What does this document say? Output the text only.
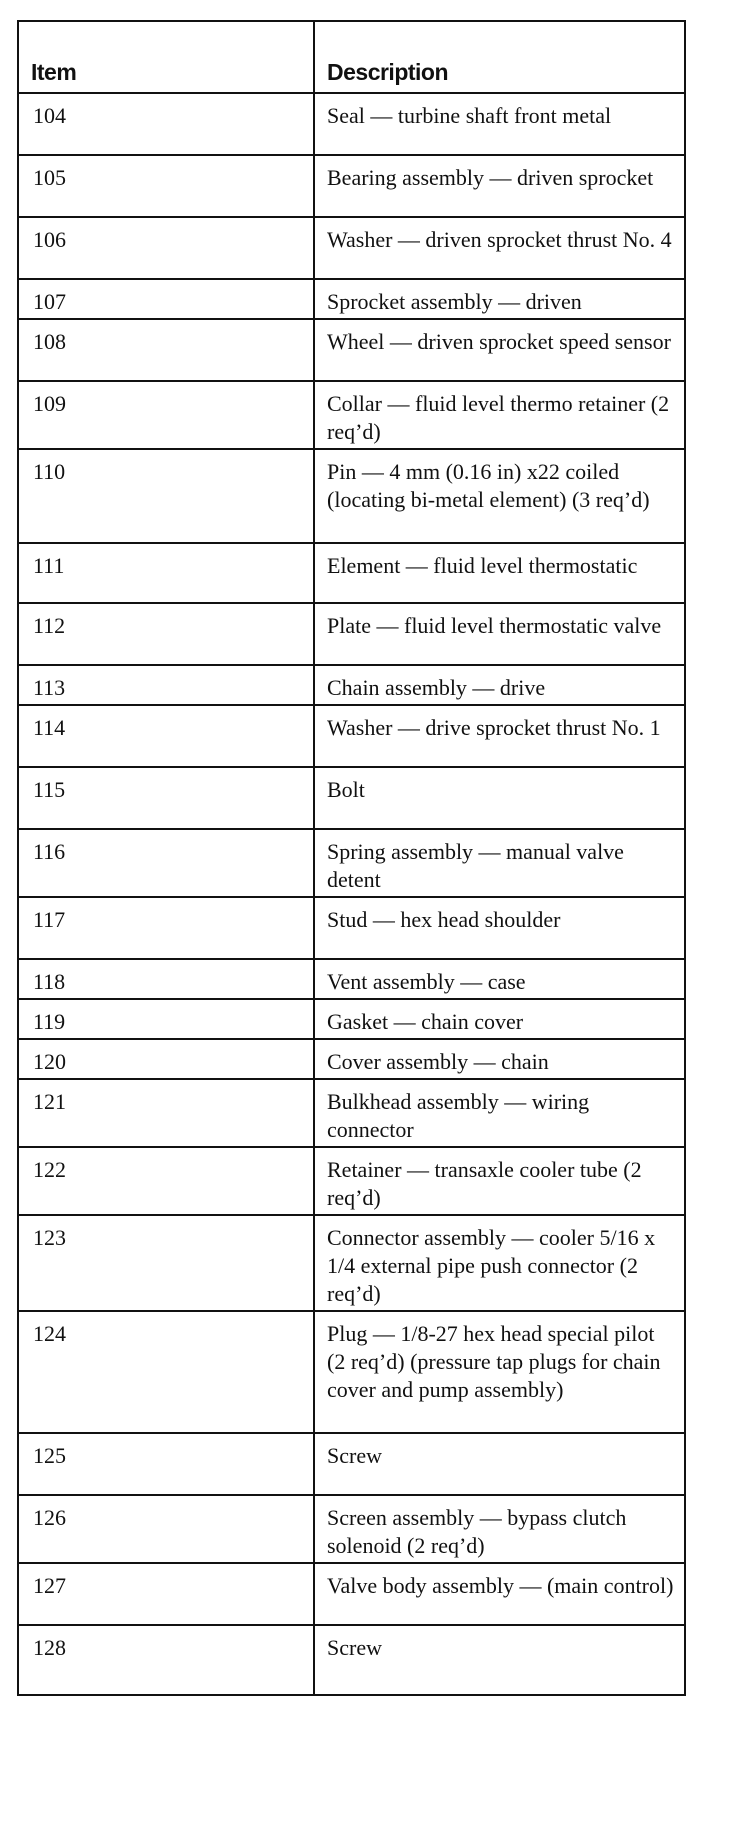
Item	Description
104	Seal — turbine shaft front metal
105	Bearing assembly — driven sprocket
106	Washer — driven sprocket thrust No. 4
107	Sprocket assembly — driven
108	Wheel — driven sprocket speed sensor
109	Collar — fluid level thermo retainer (2 req’d)
110	Pin — 4 mm (0.16 in) x22 coiled (locating bi-metal element) (3 req’d)
111	Element — fluid level thermostatic
112	Plate — fluid level thermostatic valve
113	Chain assembly — drive
114	Washer — drive sprocket thrust No. 1
115	Bolt
116	Spring assembly — manual valve detent
117	Stud — hex head shoulder
118	Vent assembly — case
119	Gasket — chain cover
120	Cover assembly — chain
121	Bulkhead assembly — wiring connector
122	Retainer — transaxle cooler tube (2 req’d)
123	Connector assembly — cooler 5/16 x 1/4 external pipe push connector (2 req’d)
124	Plug — 1/8-27 hex head special pilot (2 req’d) (pressure tap plugs for chain cover and pump assembly)
125	Screw
126	Screen assembly — bypass clutch solenoid (2 req’d)
127	Valve body assembly — (main control)
128	Screw
